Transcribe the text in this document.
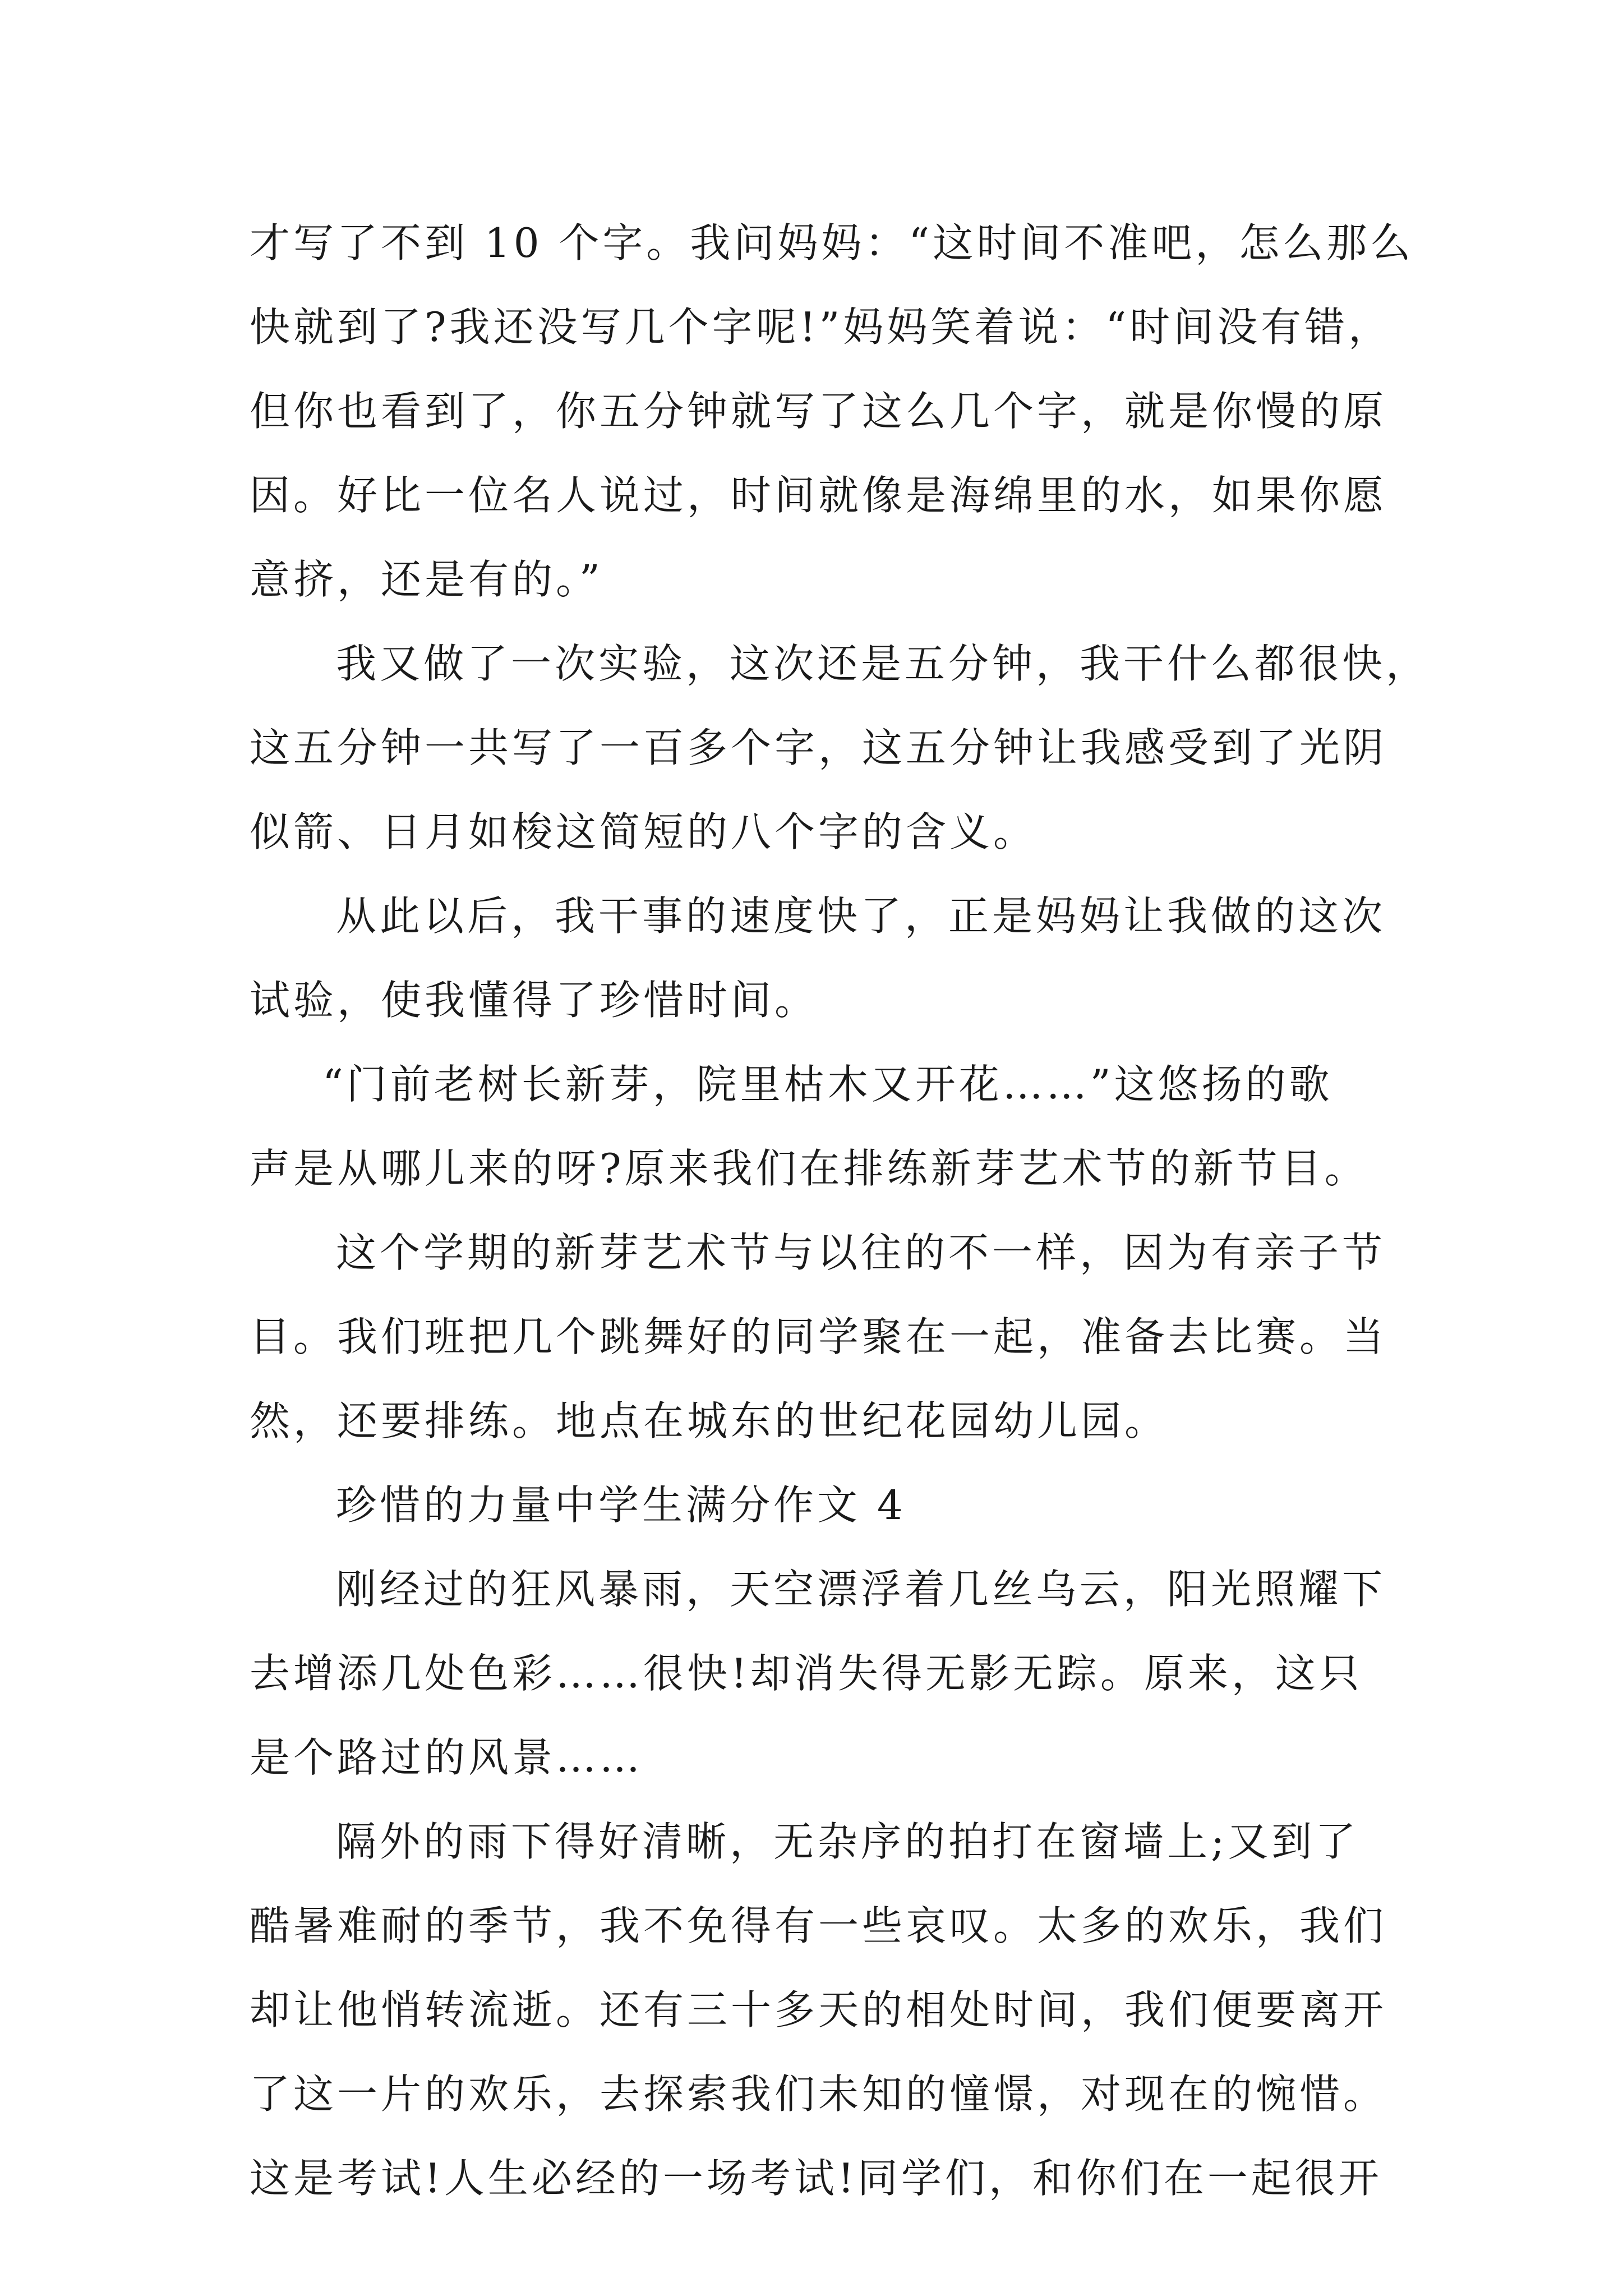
才写了不到 10 个字。我问妈妈：“这时间不准吧，怎么那么
快就到了?我还没写几个字呢!”妈妈笑着说：“时间没有错，
但你也看到了，你五分钟就写了这么几个字，就是你慢的原
因。好比一位名人说过，时间就像是海绵里的水，如果你愿
意挤，还是有的。”
我又做了一次实验，这次还是五分钟，我干什么都很快，
这五分钟一共写了一百多个字，这五分钟让我感受到了光阴
似箭、日月如梭这简短的八个字的含义。
从此以后，我干事的速度快了，正是妈妈让我做的这次
试验，使我懂得了珍惜时间。
“门前老树长新芽，院里枯木又开花……”这悠扬的歌
声是从哪儿来的呀?原来我们在排练新芽艺术节的新节目。
这个学期的新芽艺术节与以往的不一样，因为有亲子节
目。我们班把几个跳舞好的同学聚在一起，准备去比赛。当
然，还要排练。地点在城东的世纪花园幼儿园。
珍惜的力量中学生满分作文 4
刚经过的狂风暴雨，天空漂浮着几丝乌云，阳光照耀下
去增添几处色彩……很快!却消失得无影无踪。原来，这只
是个路过的风景……
隔外的雨下得好清晰，无杂序的拍打在窗墙上;又到了
酷暑难耐的季节，我不免得有一些哀叹。太多的欢乐，我们
却让他悄转流逝。还有三十多天的相处时间，我们便要离开
了这一片的欢乐，去探索我们未知的憧憬，对现在的惋惜。
这是考试!人生必经的一场考试!同学们，和你们在一起很开
